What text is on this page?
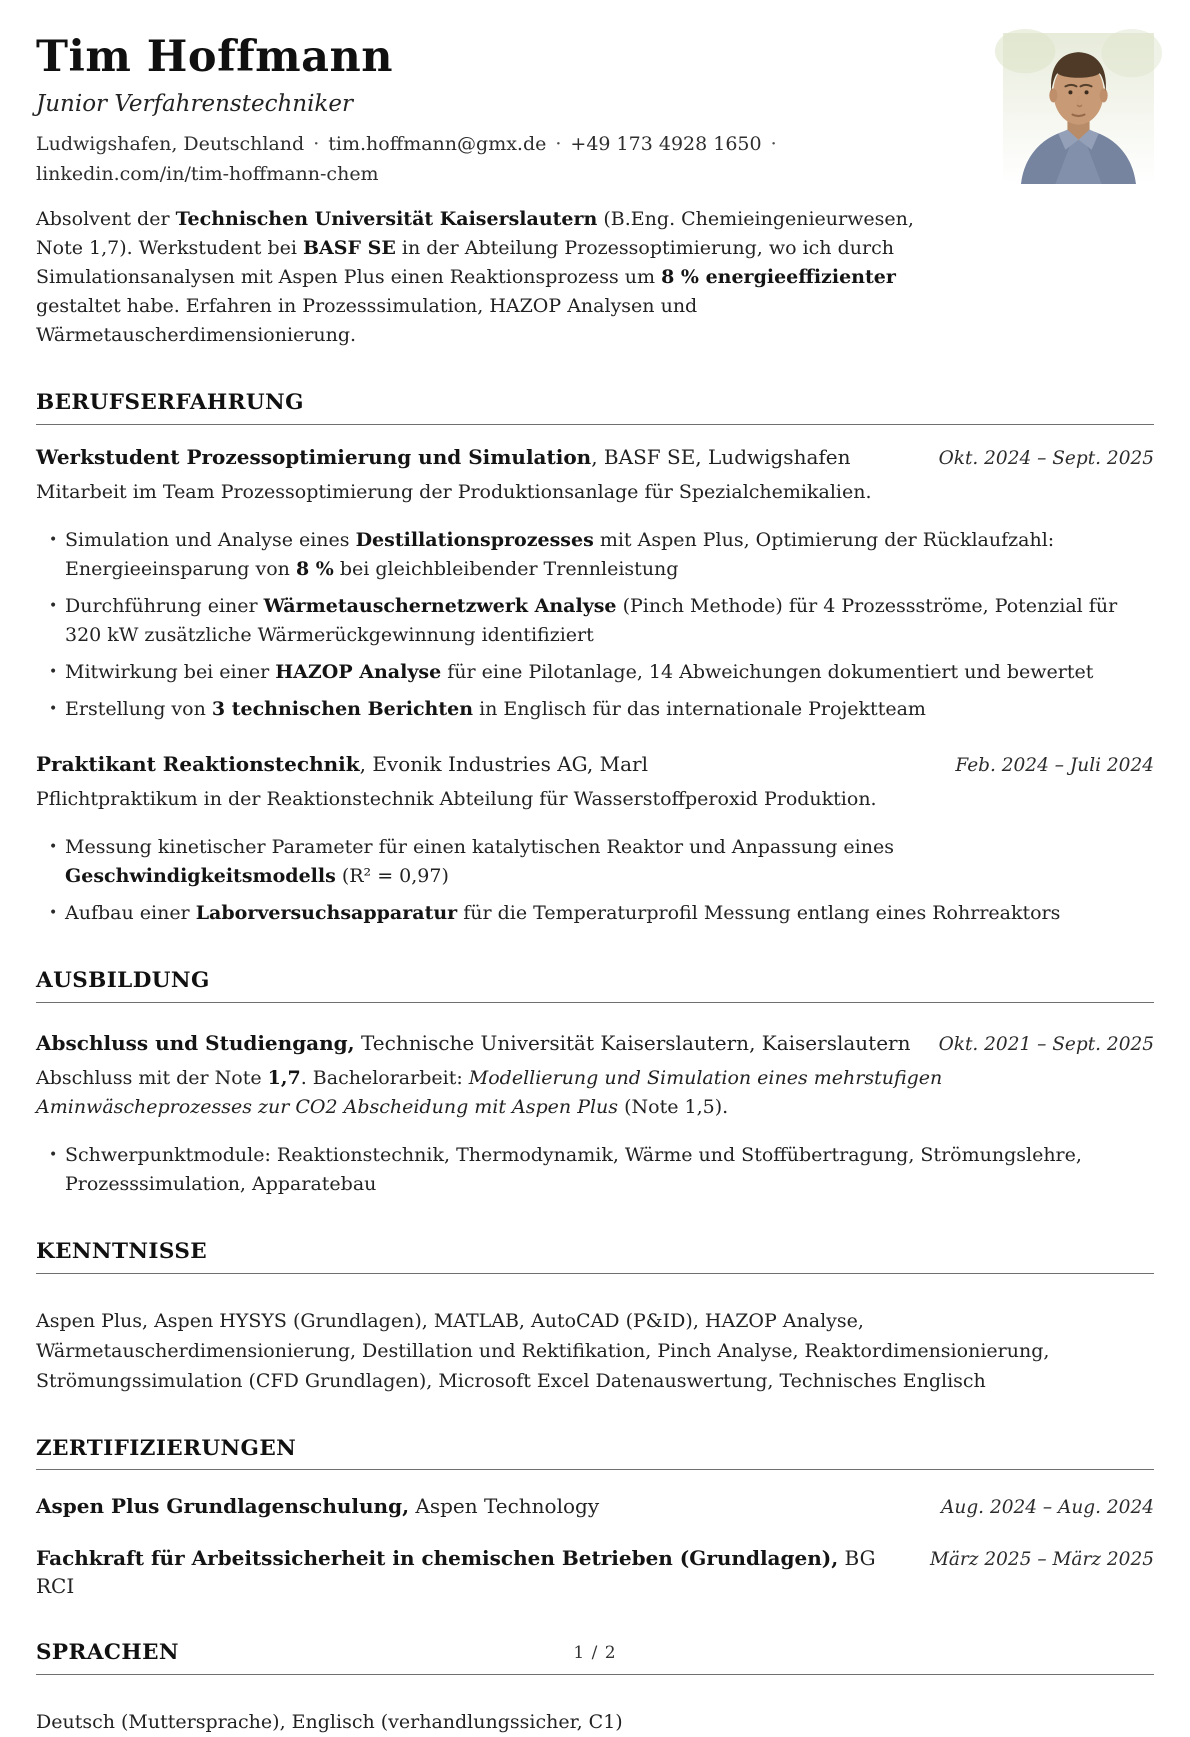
Tim Hoffmann

Junior Verfahrenstechniker

Ludwigshafen, Deutschland · tim.hoffmann@gmx.de · +49 173 4928 1650 ·
linkedin.com/in/tim-hoffmann-chem

Absolvent der Technischen Universität Kaiserslautern (B.Eng. Chemieingenieurwesen, Note 1,7). Werkstudent bei BASF SE in der Abteilung Prozessoptimierung, wo ich durch Simulationsanalysen mit Aspen Plus einen Reaktionsprozess um 8 % energieeffizienter gestaltet habe. Erfahren in Prozesssimulation, HAZOP Analysen und Wärmetauscherdimensionierung.

BERUFSERFAHRUNG
Werkstudent Prozessoptimierung und Simulation, BASF SE, Ludwigshafen	Okt. 2024 – Sept. 2025

Mitarbeit im Team Prozessoptimierung der Produktionsanlage für Spezialchemikalien.

• Simulation und Analyse eines Destillationsprozesses mit Aspen Plus, Optimierung der Rücklaufzahl: Energieeinsparung von 8 % bei gleichbleibender Trennleistung
• Durchführung einer Wärmetauschernetzwerk Analyse (Pinch Methode) für 4 Prozessströme, Potenzial für 320 kW zusätzliche Wärmerückgewinnung identifiziert
• Mitwirkung bei einer HAZOP Analyse für eine Pilotanlage, 14 Abweichungen dokumentiert und bewertet
• Erstellung von 3 technischen Berichten in Englisch für das internationale Projektteam
Praktikant Reaktionstechnik, Evonik Industries AG, Marl	Feb. 2024 – Juli 2024

Pflichtpraktikum in der Reaktionstechnik Abteilung für Wasserstoffperoxid Produktion.

• Messung kinetischer Parameter für einen katalytischen Reaktor und Anpassung eines Geschwindigkeitsmodells (R² = 0,97)
• Aufbau einer Laborversuchsapparatur für die Temperaturprofil Messung entlang eines Rohrreaktors
AUSBILDUNG
Abschluss und Studiengang, Technische Universität Kaiserslautern, Kaiserslautern	Okt. 2021 – Sept. 2025

Abschluss mit der Note 1,7. Bachelorarbeit: Modellierung und Simulation eines mehrstufigen Aminwäscheprozesses zur CO2 Abscheidung mit Aspen Plus (Note 1,5).

• Schwerpunktmodule: Reaktionstechnik, Thermodynamik, Wärme und Stoffübertragung, Strömungslehre, Prozesssimulation, Apparatebau
KENNTNISSE

Aspen Plus, Aspen HYSYS (Grundlagen), MATLAB, AutoCAD (P&ID), HAZOP Analyse, Wärmetauscherdimensionierung, Destillation und Rektifikation, Pinch Analyse, Reaktordimensionierung, Strömungssimulation (CFD Grundlagen), Microsoft Excel Datenauswertung, Technisches Englisch

ZERTIFIZIERUNGEN
Aspen Plus Grundlagenschulung, Aspen Technology	Aug. 2024 – Aug. 2024
Fachkraft für Arbeitssicherheit in chemischen Betrieben (Grundlagen), BG RCI
März 2025 – März 2025
SPRACHEN

Deutsch (Muttersprache), Englisch (verhandlungssicher, C1)

1 / 2
